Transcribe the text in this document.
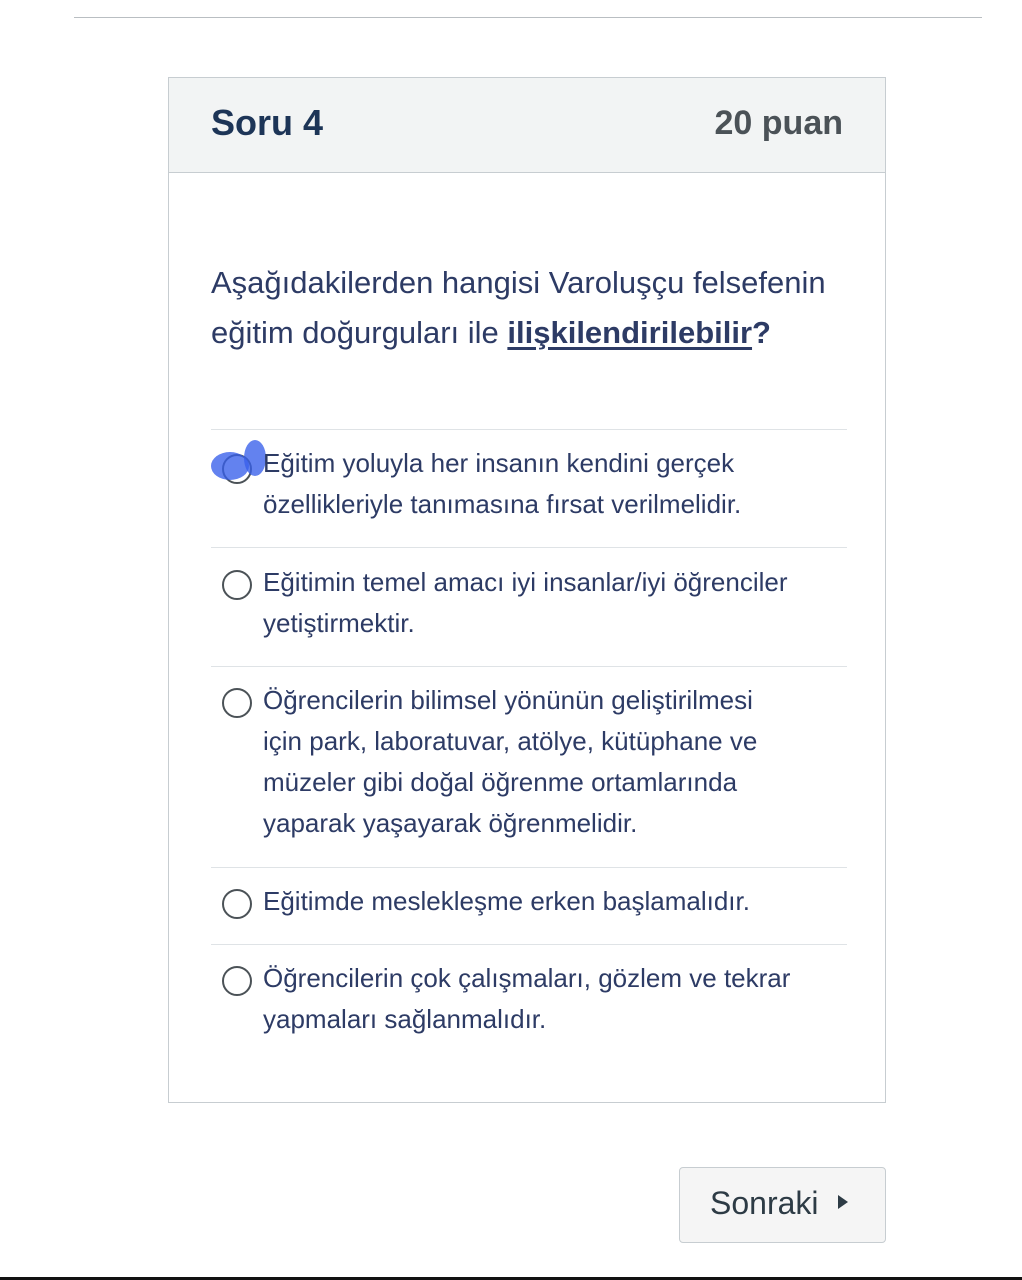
Soru 4	20 puan
Aşağıdakilerden hangisi Varoluşçu felsefenin eğitim doğurguları ile ilişkilendirilebilir?
Eğitim yoluyla her insanın kendini gerçek
özellikleriyle tanımasına fırsat verilmelidir.
Eğitimin temel amacı iyi insanlar/iyi öğrenciler
yetiştirmektir.
Öğrencilerin bilimsel yönünün geliştirilmesi
için park, laboratuvar, atölye, kütüphane ve
müzeler gibi doğal öğrenme ortamlarında
yaparak yaşayarak öğrenmelidir.
Eğitimde meslekleşme erken başlamalıdır.
Öğrencilerin çok çalışmaları, gözlem ve tekrar
yapmaları sağlanmalıdır.
Sonraki
